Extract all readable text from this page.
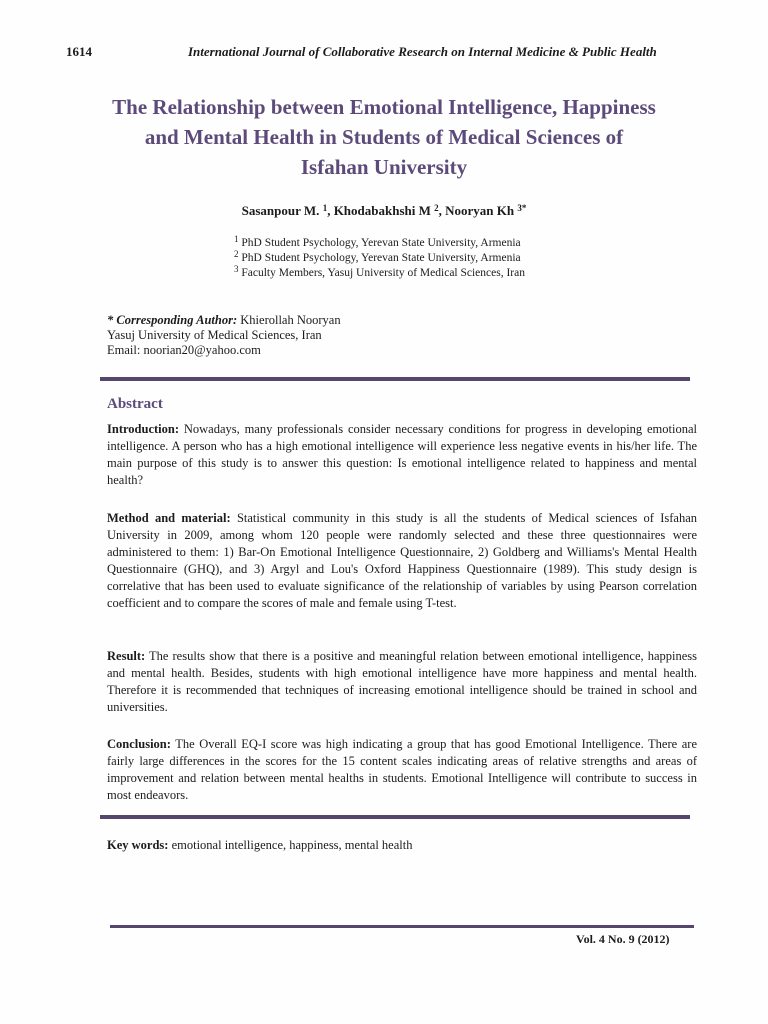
1614	International Journal of Collaborative Research on Internal Medicine & Public Health
The Relationship between Emotional Intelligence, Happiness
and Mental Health in Students of Medical Sciences of
Isfahan University
Sasanpour M. $^1$, Khodabakhshi M $^2$, Nooryan Kh $^{3*}$
$^1$ PhD Student Psychology, Yerevan State University, Armenia
$^2$ PhD Student Psychology, Yerevan State University, Armenia
$^3$ Faculty Members, Yasuj University of Medical Sciences, Iran
* Corresponding Author: Khierollah Nooryan
Yasuj University of Medical Sciences, Iran
Email: noorian20@yahoo.com
Abstract
Introduction: Nowadays, many professionals consider necessary conditions for progress in developing emotional intelligence. A person who has a high emotional intelligence will experience less negative events in his/her life. The main purpose of this study is to answer this question: Is emotional intelligence related to happiness and mental health?
Method and material: Statistical community in this study is all the students of Medical sciences of Isfahan University in 2009, among whom 120 people were randomly selected and these three questionnaires were administered to them: 1) Bar-On Emotional Intelligence Questionnaire, 2) Goldberg and Williams's Mental Health Questionnaire (GHQ), and 3) Argyl and Lou's Oxford Happiness Questionnaire (1989). This study design is correlative that has been used to evaluate significance of the relationship of variables by using Pearson correlation coefficient and to compare the scores of male and female using T-test.
Result: The results show that there is a positive and meaningful relation between emotional intelligence, happiness and mental health. Besides, students with high emotional intelligence have more happiness and mental health. Therefore it is recommended that techniques of increasing emotional intelligence should be trained in school and universities.
Conclusion: The Overall EQ-I score was high indicating a group that has good Emotional Intelligence. There are fairly large differences in the scores for the 15 content scales indicating areas of relative strengths and areas of improvement and relation between mental healths in students. Emotional Intelligence will contribute to success in most endeavors.
Key words: emotional intelligence, happiness, mental health
Vol. 4 No. 9 (2012)
